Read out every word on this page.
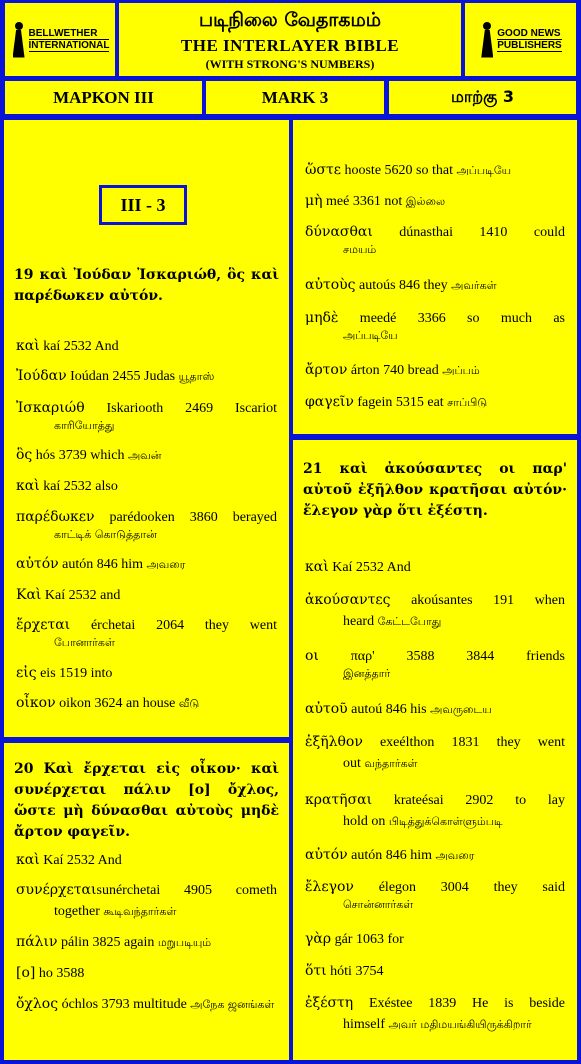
BELLWETHER
INTERNATIONAL
படிநிலை வேதாகமம்
THE INTERLAYER BIBLE
(WITH STRONG'S NUMBERS)
GOOD NEWS
PUBLISHERS
ΜΑΡΚΟΝ III	MARK 3	மாற்கு 3
III - 3
19 καὶ Ἰούδαν Ἰσκαριώθ, ὃς καὶ παρέδωκεν αὐτόν.
καὶ kaí 2532 And
Ἰούδαν Ioúdan 2455 Judas யூதாஸ்
Ἰσκαριώθ Iskariooth 2469 Iscariot
காரியோத்து
ὃς hós 3739 which அவன்
καὶ kaí 2532 also
παρέδωκεν parédooken 3860 berayed
காட்டிக் கொடுத்தான்
αὐτόν autón 846 him அவரை
Καὶ Kaí 2532 and
ἔρχεται érchetai 2064 they went
போனார்கள்
εἰς eis 1519 into
οἶκον oikon 3624 an house வீடு
20 Καὶ ἔρχεται εἰς οἶκον· καὶ συνέρχεται πάλιν [ο] ὄχλος, ὥστε μὴ δύνασθαι αὐτοὺς μηδὲ ἄρτον φαγεῖν.
καὶ Kaí 2532 And
συνέρχεταιsunérchetai 4905 cometh
together கூடிவந்தார்கள்
πάλιν pálin 3825 again மறுபடியும்
[ο] ho 3588
ὄχλος óchlos 3793 multitude அநேக ஜனங்கள்
ὥστε hooste 5620 so that அப்படியே
μὴ meé 3361 not இல்லை
δύνασθαι dúnasthai 1410 could
சமயம்
αὐτοὺς autoús 846 they அவர்கள்
μηδὲ meedé 3366 so much as
அப்படியே
ἄρτον árton 740 bread அப்பம்
φαγεῖν fagein 5315 eat சாப்பிடு
21 καὶ ἀκούσαντες οι παρ' αὐτοῦ ἐξῆλθον κρατῆσαι αὐτόν· ἔλεγον γὰρ ὅτι ἐξέστη.
καὶ Kaí 2532 And
ἀκούσαντες akoúsantes 191 when
heard கேட்டபோது
οι παρ' 3588 3844 friends
இனத்தார்
αὐτοῦ autoú 846 his அவருடைய
ἐξῆλθον exeélthon 1831 they went
out வந்தார்கள்
κρατῆσαι krateésai 2902 to lay
hold on பிடித்துக்கொள்ளும்படி
αὐτόν autón 846 him அவரை
ἔλεγον élegon 3004 they said
சொன்னார்கள்
γὰρ gár 1063 for
ὅτι hóti 3754
ἐξέστη Exéstee 1839 He is beside
himself அவர் மதிமயங்கியிருக்கிறார்
